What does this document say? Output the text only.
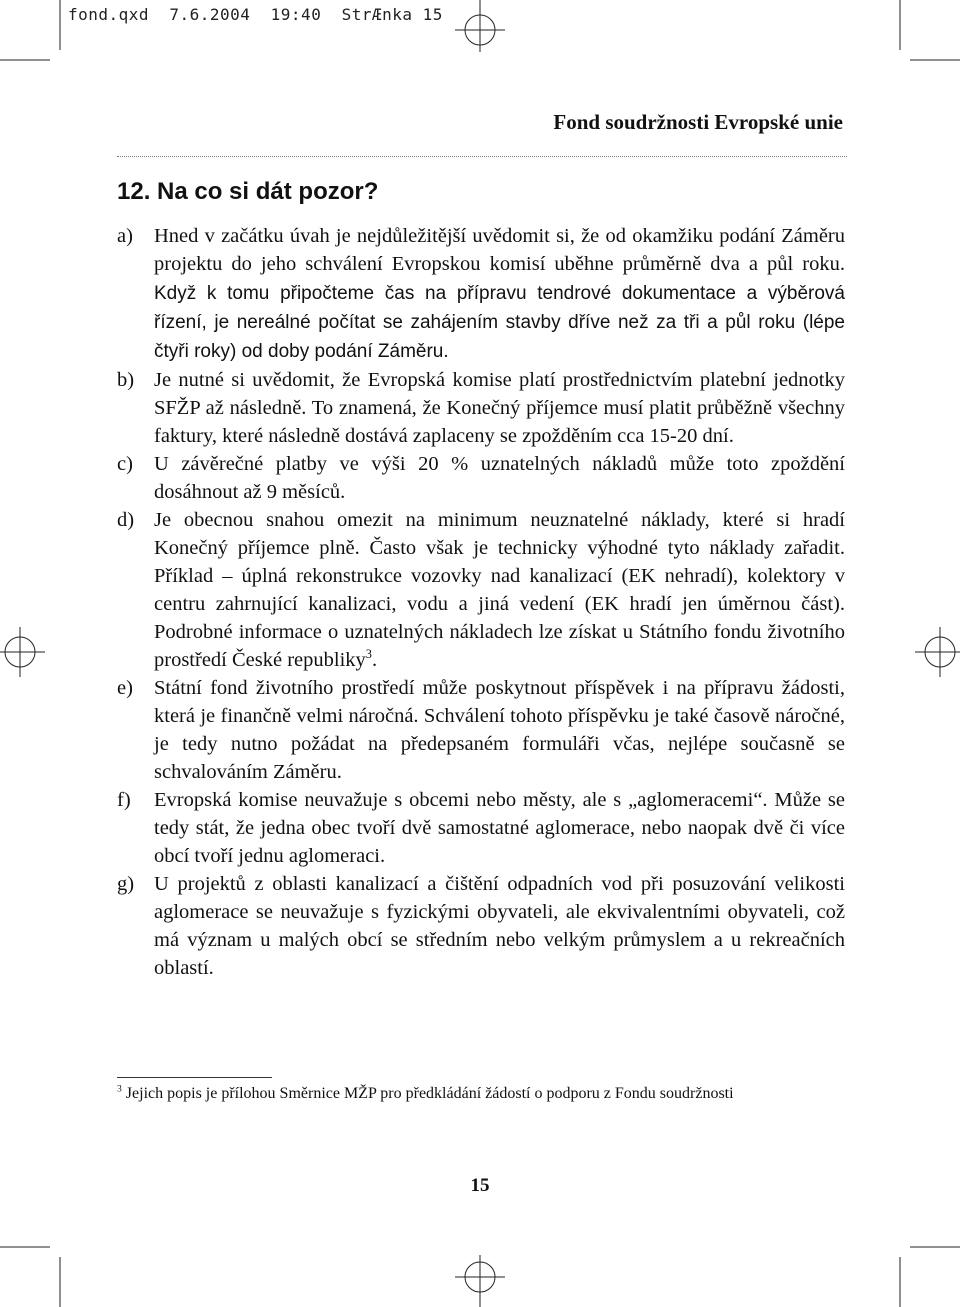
fond.qxd  7.6.2004  19:40  StrÆnka 15
Fond soudržnosti Evropské unie
12. Na co si dát pozor?
a)	Hned v začátku úvah je nejdůležitější uvědomit si, že od okamžiku podání Záměru projektu do jeho schválení Evropskou komisí uběhne průměrně dva a půl roku. Když k tomu připočteme čas na přípravu tendrové dokumentace a výběrová řízení, je nereálné počítat se zahájením stavby dříve než za tři a půl roku (lépe čtyři roky) od doby podání Záměru.
b) Je nutné si uvědomit, že Evropská komise platí prostřednictvím platební jednotky SFŽP až následně. To znamená, že Konečný příjemce musí platit průběžně všechny faktury, které následně dostává zaplaceny se zpožděním cca 15-20 dní.
c)	U závěrečné platby ve výši 20 % uznatelných nákladů může toto zpoždění dosáhnout až 9 měsíců.
d) Je obecnou snahou omezit na minimum neuznatelné náklady, které si hradí Konečný příjemce plně. Často však je technicky výhodné tyto náklady zařadit. Příklad – úplná rekonstrukce vozovky nad kanalizací (EK nehradí), kolektory v centru zahrnující kanalizaci, vodu a jiná vedení (EK hradí jen úměrnou část). Podrobné informace o uznatelných nákladech lze získat u Státního fondu životního prostředí České republiky$^3$.
e)	Státní fond životního prostředí může poskytnout příspěvek i na přípravu žádosti, která je finančně velmi náročná. Schválení tohoto příspěvku je také časově náročné, je tedy nutno požádat na předepsaném formuláři včas, nejlépe současně se schvalováním Záměru.
f)	Evropská komise neuvažuje s obcemi nebo městy, ale s „aglomeracemi“. Může se tedy stát, že jedna obec tvoří dvě samostatné aglomerace, nebo naopak dvě či více obcí tvoří jednu aglomeraci.
g) U projektů z oblasti kanalizací a čištění odpadních vod při posuzování velikosti aglomerace se neuvažuje s fyzickými obyvateli, ale ekvivalentními obyvateli, což má význam u malých obcí se středním nebo velkým průmyslem a u rekreačních oblastí.
$^3$ Jejich popis je přílohou Směrnice MŽP pro předkládání žádostí o podporu z Fondu soudržnosti
15
